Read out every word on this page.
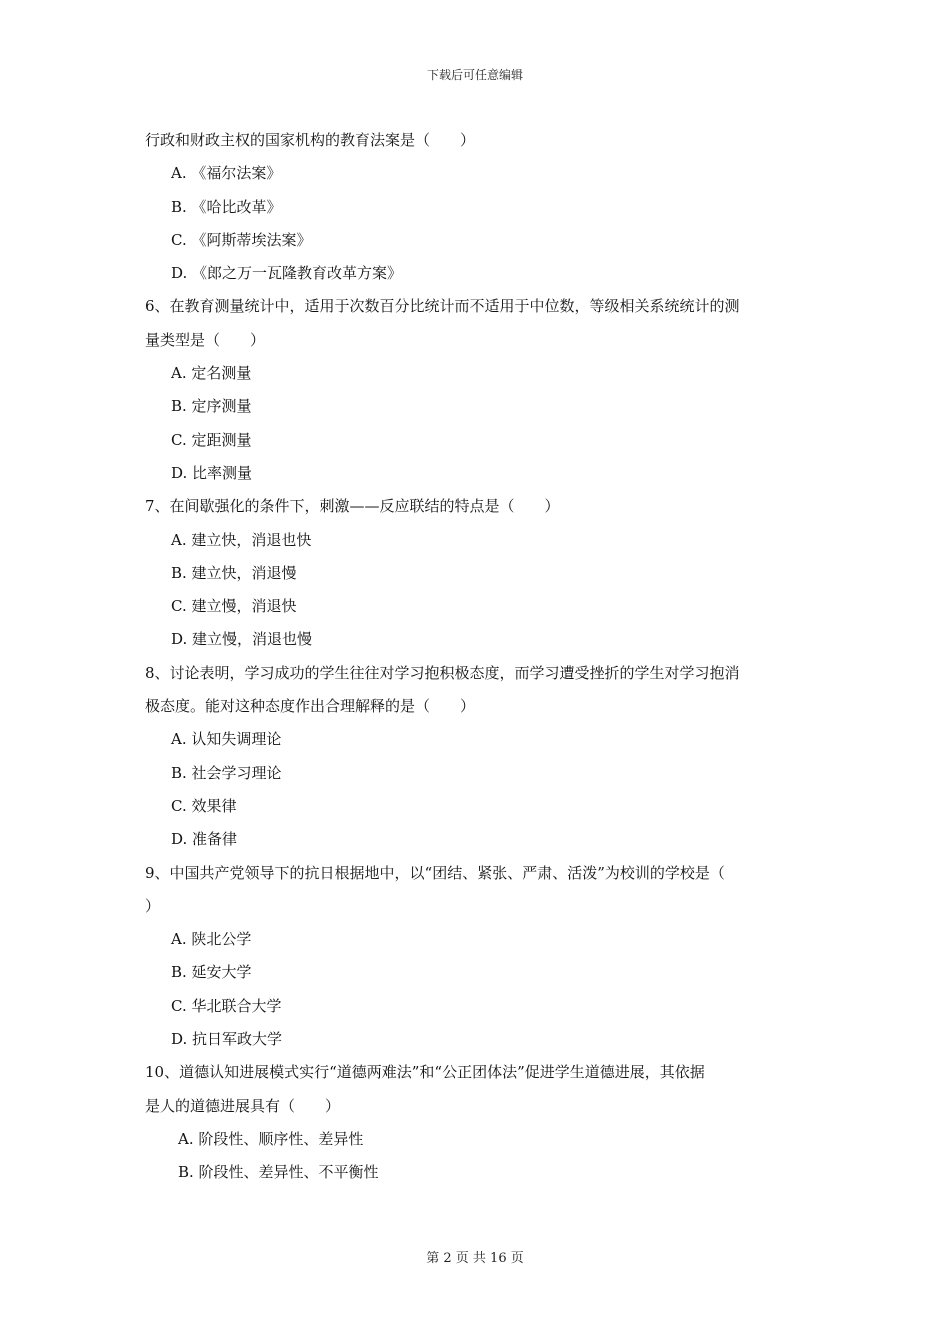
下载后可任意编辑
行政和财政主权的国家机构的教育法案是（　　）
A. 《福尔法案》
B. 《哈比改革》
C. 《阿斯蒂埃法案》
D. 《郎之万一瓦隆教育改革方案》
6、在教育测量统计中，适用于次数百分比统计而不适用于中位数，等级相关系统统计的测
量类型是（　　）
A. 定名测量
B. 定序测量
C. 定距测量
D. 比率测量
7、在间歇强化的条件下，刺激——反应联结的特点是（　　）
A. 建立快，消退也快
B. 建立快，消退慢
C. 建立慢，消退快
D. 建立慢，消退也慢
8、讨论表明，学习成功的学生往往对学习抱积极态度，而学习遭受挫折的学生对学习抱消
极态度。能对这种态度作出合理解释的是（　　）
A. 认知失调理论
B. 社会学习理论
C. 效果律
D. 准备律
9、中国共产党领导下的抗日根据地中，以“团结、紧张、严肃、活泼”为校训的学校是（
）
A. 陕北公学
B. 延安大学
C. 华北联合大学
D. 抗日军政大学
10、道德认知进展模式实行“道德两难法”和“公正团体法”促进学生道德进展，其依据
是人的道德进展具有（　　）
A. 阶段性、顺序性、差异性
B. 阶段性、差异性、不平衡性
第 2 页 共 16 页
